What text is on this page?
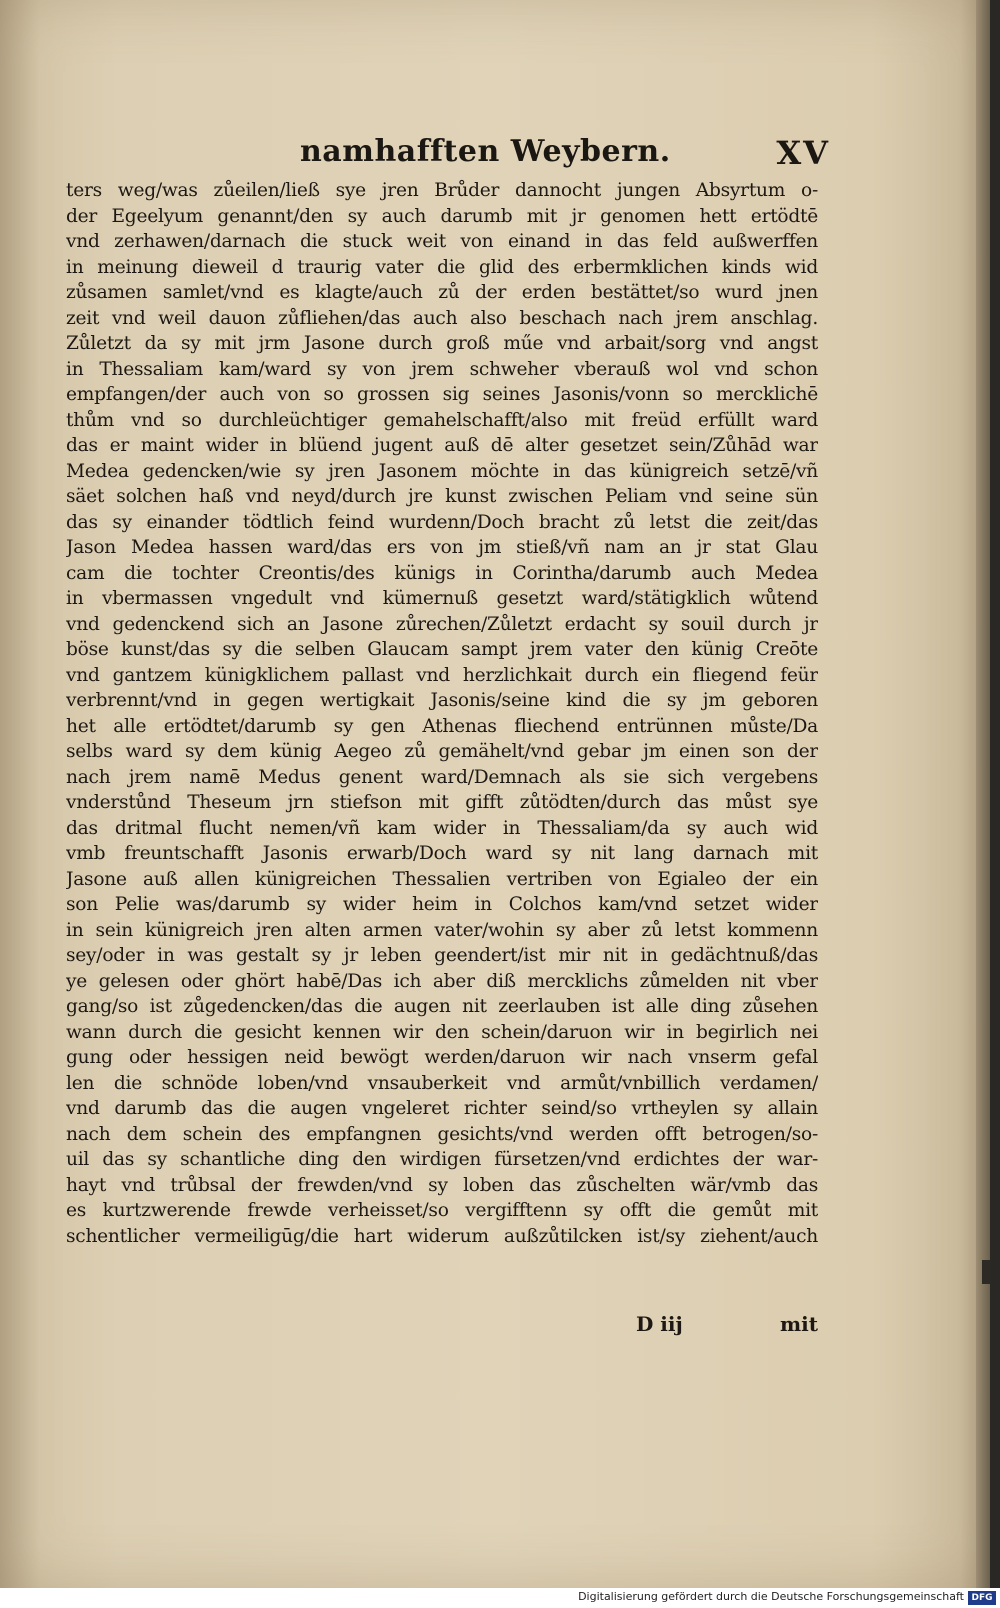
namhafften Weybern.	XV
ters weg/was zůeilen/ließ sye jren Brůder dannocht jungen Absyrtum o-
der Egeelyum genannt/den sy auch darumb mit jr genomen hett ertödtē
vnd zerhawen/darnach die stuck weit von einand in das feld außwerffen
in meinung dieweil d traurig vater die glid des erbermklichen kinds wid
zůsamen samlet/vnd es klagte/auch zů der erden bestättet/so wurd jnen
zeit vnd weil dauon zůfliehen/das auch also beschach nach jrem anschlag.
Zůletzt da sy mit jrm Jasone durch groß műe vnd arbait/sorg vnd angst
in Thessaliam kam/ward sy von jrem schweher vberauß wol vnd schon
empfangen/der auch von so grossen sig seines Jasonis/vonn so mercklichē
thům vnd so durchleüchtiger gemahelschafft/also mit freüd erfüllt ward
das er maint wider in blüend jugent auß dē alter gesetzet sein/Zůhād war
Medea gedencken/wie sy jren Jasonem möchte in das künigreich setzē/vñ
säet solchen haß vnd neyd/durch jre kunst zwischen Peliam vnd seine sün
das sy einander tödtlich feind wurdenn/Doch bracht zů letst die zeit/das
Jason Medea hassen ward/das ers von jm stieß/vñ nam an jr stat Glau
cam die tochter Creontis/des künigs in Corintha/darumb auch Medea
in vbermassen vngedult vnd kümernuß gesetzt ward/stätigklich wůtend
vnd gedenckend sich an Jasone zůrechen/Zůletzt erdacht sy souil durch jr
böse kunst/das sy die selben Glaucam sampt jrem vater den künig Creōte
vnd gantzem künigklichem pallast vnd herzlichkait durch ein fliegend feür
verbrennt/vnd in gegen wertigkait Jasonis/seine kind die sy jm geboren
het alle ertödtet/darumb sy gen Athenas fliechend entrünnen můste/Da
selbs ward sy dem künig Aegeo zů gemähelt/vnd gebar jm einen son der
nach jrem namē Medus genent ward/Demnach als sie sich vergebens
vnderstůnd Theseum jrn stiefson mit gifft zůtödten/durch das můst sye
das dritmal flucht nemen/vñ kam wider in Thessaliam/da sy auch wid
vmb freuntschafft Jasonis erwarb/Doch ward sy nit lang darnach mit
Jasone auß allen künigreichen Thessalien vertriben von Egialeo der ein
son Pelie was/darumb sy wider heim in Colchos kam/vnd setzet wider
in sein künigreich jren alten armen vater/wohin sy aber zů letst kommenn
sey/oder in was gestalt sy jr leben geendert/ist mir nit in gedächtnuß/das
ye gelesen oder ghört habē/Das ich aber diß mercklichs zůmelden nit vber
gang/so ist zůgedencken/das die augen nit zeerlauben ist alle ding zůsehen
wann durch die gesicht kennen wir den schein/daruon wir in begirlich nei
gung oder hessigen neid bewögt werden/daruon wir nach vnserm gefal
len die schnöde loben/vnd vnsauberkeit vnd armůt/vnbillich verdamen/
vnd darumb das die augen vngeleret richter seind/so vrtheylen sy allain
nach dem schein des empfangnen gesichts/vnd werden offt betrogen/so-
uil das sy schantliche ding den wirdigen fürsetzen/vnd erdichtes der war-
hayt vnd trůbsal der frewden/vnd sy loben das zůschelten wär/vmb das
es kurtzwerende frewde verheisset/so vergifftenn sy offt die gemůt mit
schentlicher vermeiligūg/die hart widerum außzůtilcken ist/sy ziehent/auch
D iij	mit
Digitalisierung gefördert durch die Deutsche Forschungsgemeinschaft DFG
